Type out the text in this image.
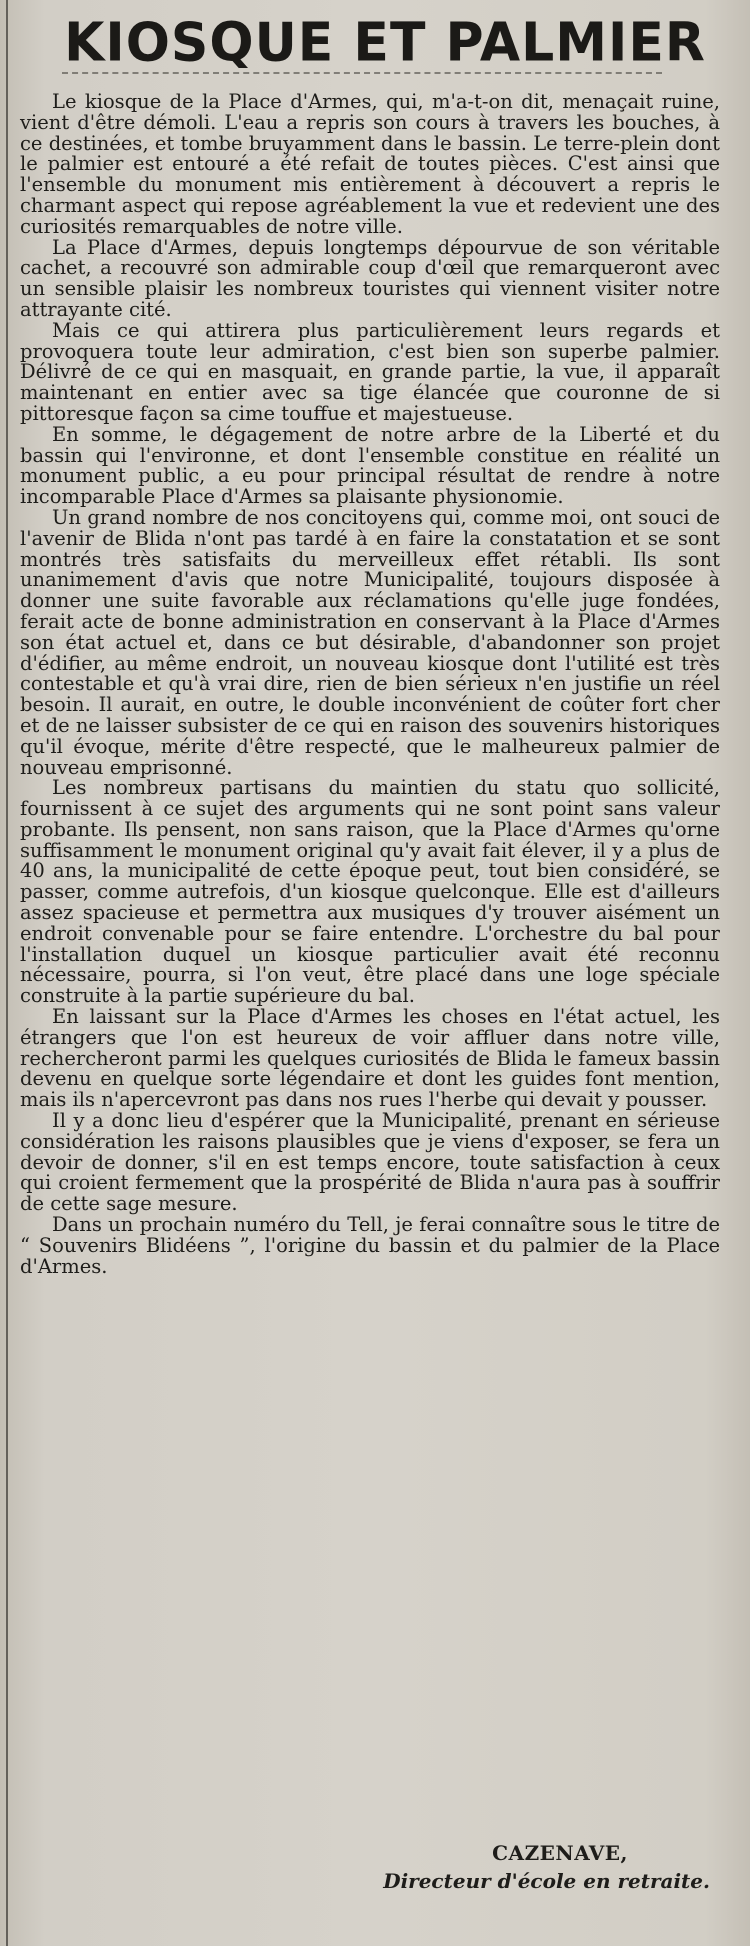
KIOSQUE ET PALMIER

Le kiosque de la Place d'Armes, qui, m'a-t-on dit, menaçait ruine, vient d'être démoli. L'eau a repris son cours à travers les bouches, à ce destinées, et tombe bruyamment dans le bassin. Le terre-plein dont le palmier est entouré a été refait de toutes pièces. C'est ainsi que l'ensemble du monument mis entièrement à découvert a repris le charmant aspect qui repose agréablement la vue et redevient une des curiosités remarquables de notre ville.

La Place d'Armes, depuis longtemps dépourvue de son véritable cachet, a recouvré son admirable coup d'œil que remarqueront avec un sensible plaisir les nombreux touristes qui viennent visiter notre attrayante cité.

Mais ce qui attirera plus particulièrement leurs regards et provoquera toute leur admiration, c'est bien son superbe palmier. Délivré de ce qui en masquait, en grande partie, la vue, il apparaît maintenant en entier avec sa tige élancée que couronne de si pittoresque façon sa cime touffue et majestueuse.

En somme, le dégagement de notre arbre de la Liberté et du bassin qui l'environne, et dont l'ensemble constitue en réalité un monument public, a eu pour principal résultat de rendre à notre incomparable Place d'Armes sa plaisante physionomie.

Un grand nombre de nos concitoyens qui, comme moi, ont souci de l'avenir de Blida n'ont pas tardé à en faire la constatation et se sont montrés très satisfaits du merveilleux effet rétabli. Ils sont unanimement d'avis que notre Municipalité, toujours disposée à donner une suite favorable aux réclamations qu'elle juge fondées, ferait acte de bonne administration en conservant à la Place d'Armes son état actuel et, dans ce but désirable, d'abandonner son projet d'édifier, au même endroit, un nouveau kiosque dont l'utilité est très contestable et qu'à vrai dire, rien de bien sérieux n'en justifie un réel besoin. Il aurait, en outre, le double inconvénient de coûter fort cher et de ne laisser subsister de ce qui en raison des souvenirs historiques qu'il évoque, mérite d'être respecté, que le malheureux palmier de nouveau emprisonné.

Les nombreux partisans du maintien du statu quo sollicité, fournissent à ce sujet des arguments qui ne sont point sans valeur probante. Ils pensent, non sans raison, que la Place d'Armes qu'orne suffisamment le monument original qu'y avait fait élever, il y a plus de 40 ans, la municipalité de cette époque peut, tout bien considéré, se passer, comme autrefois, d'un kiosque quelconque. Elle est d'ailleurs assez spacieuse et permettra aux musiques d'y trouver aisément un endroit convenable pour se faire entendre. L'orchestre du bal pour l'installation duquel un kiosque particulier avait été reconnu nécessaire, pourra, si l'on veut, être placé dans une loge spéciale construite à la partie supérieure du bal.

En laissant sur la Place d'Armes les choses en l'état actuel, les étrangers que l'on est heureux de voir affluer dans notre ville, rechercheront parmi les quelques curiosités de Blida le fameux bassin devenu en quelque sorte légendaire et dont les guides font mention, mais ils n'apercevront pas dans nos rues l'herbe qui devait y pousser.

Il y a donc lieu d'espérer que la Municipalité, prenant en sérieuse considération les raisons plausibles que je viens d'exposer, se fera un devoir de donner, s'il en est temps encore, toute satisfaction à ceux qui croient fermement que la prospérité de Blida n'aura pas à souffrir de cette sage mesure.

Dans un prochain numéro du Tell, je ferai connaître sous le titre de “ Souvenirs Blidéens ”, l'origine du bassin et du palmier de la Place d'Armes.

CAZENAVE,
Directeur d'école en retraite.
